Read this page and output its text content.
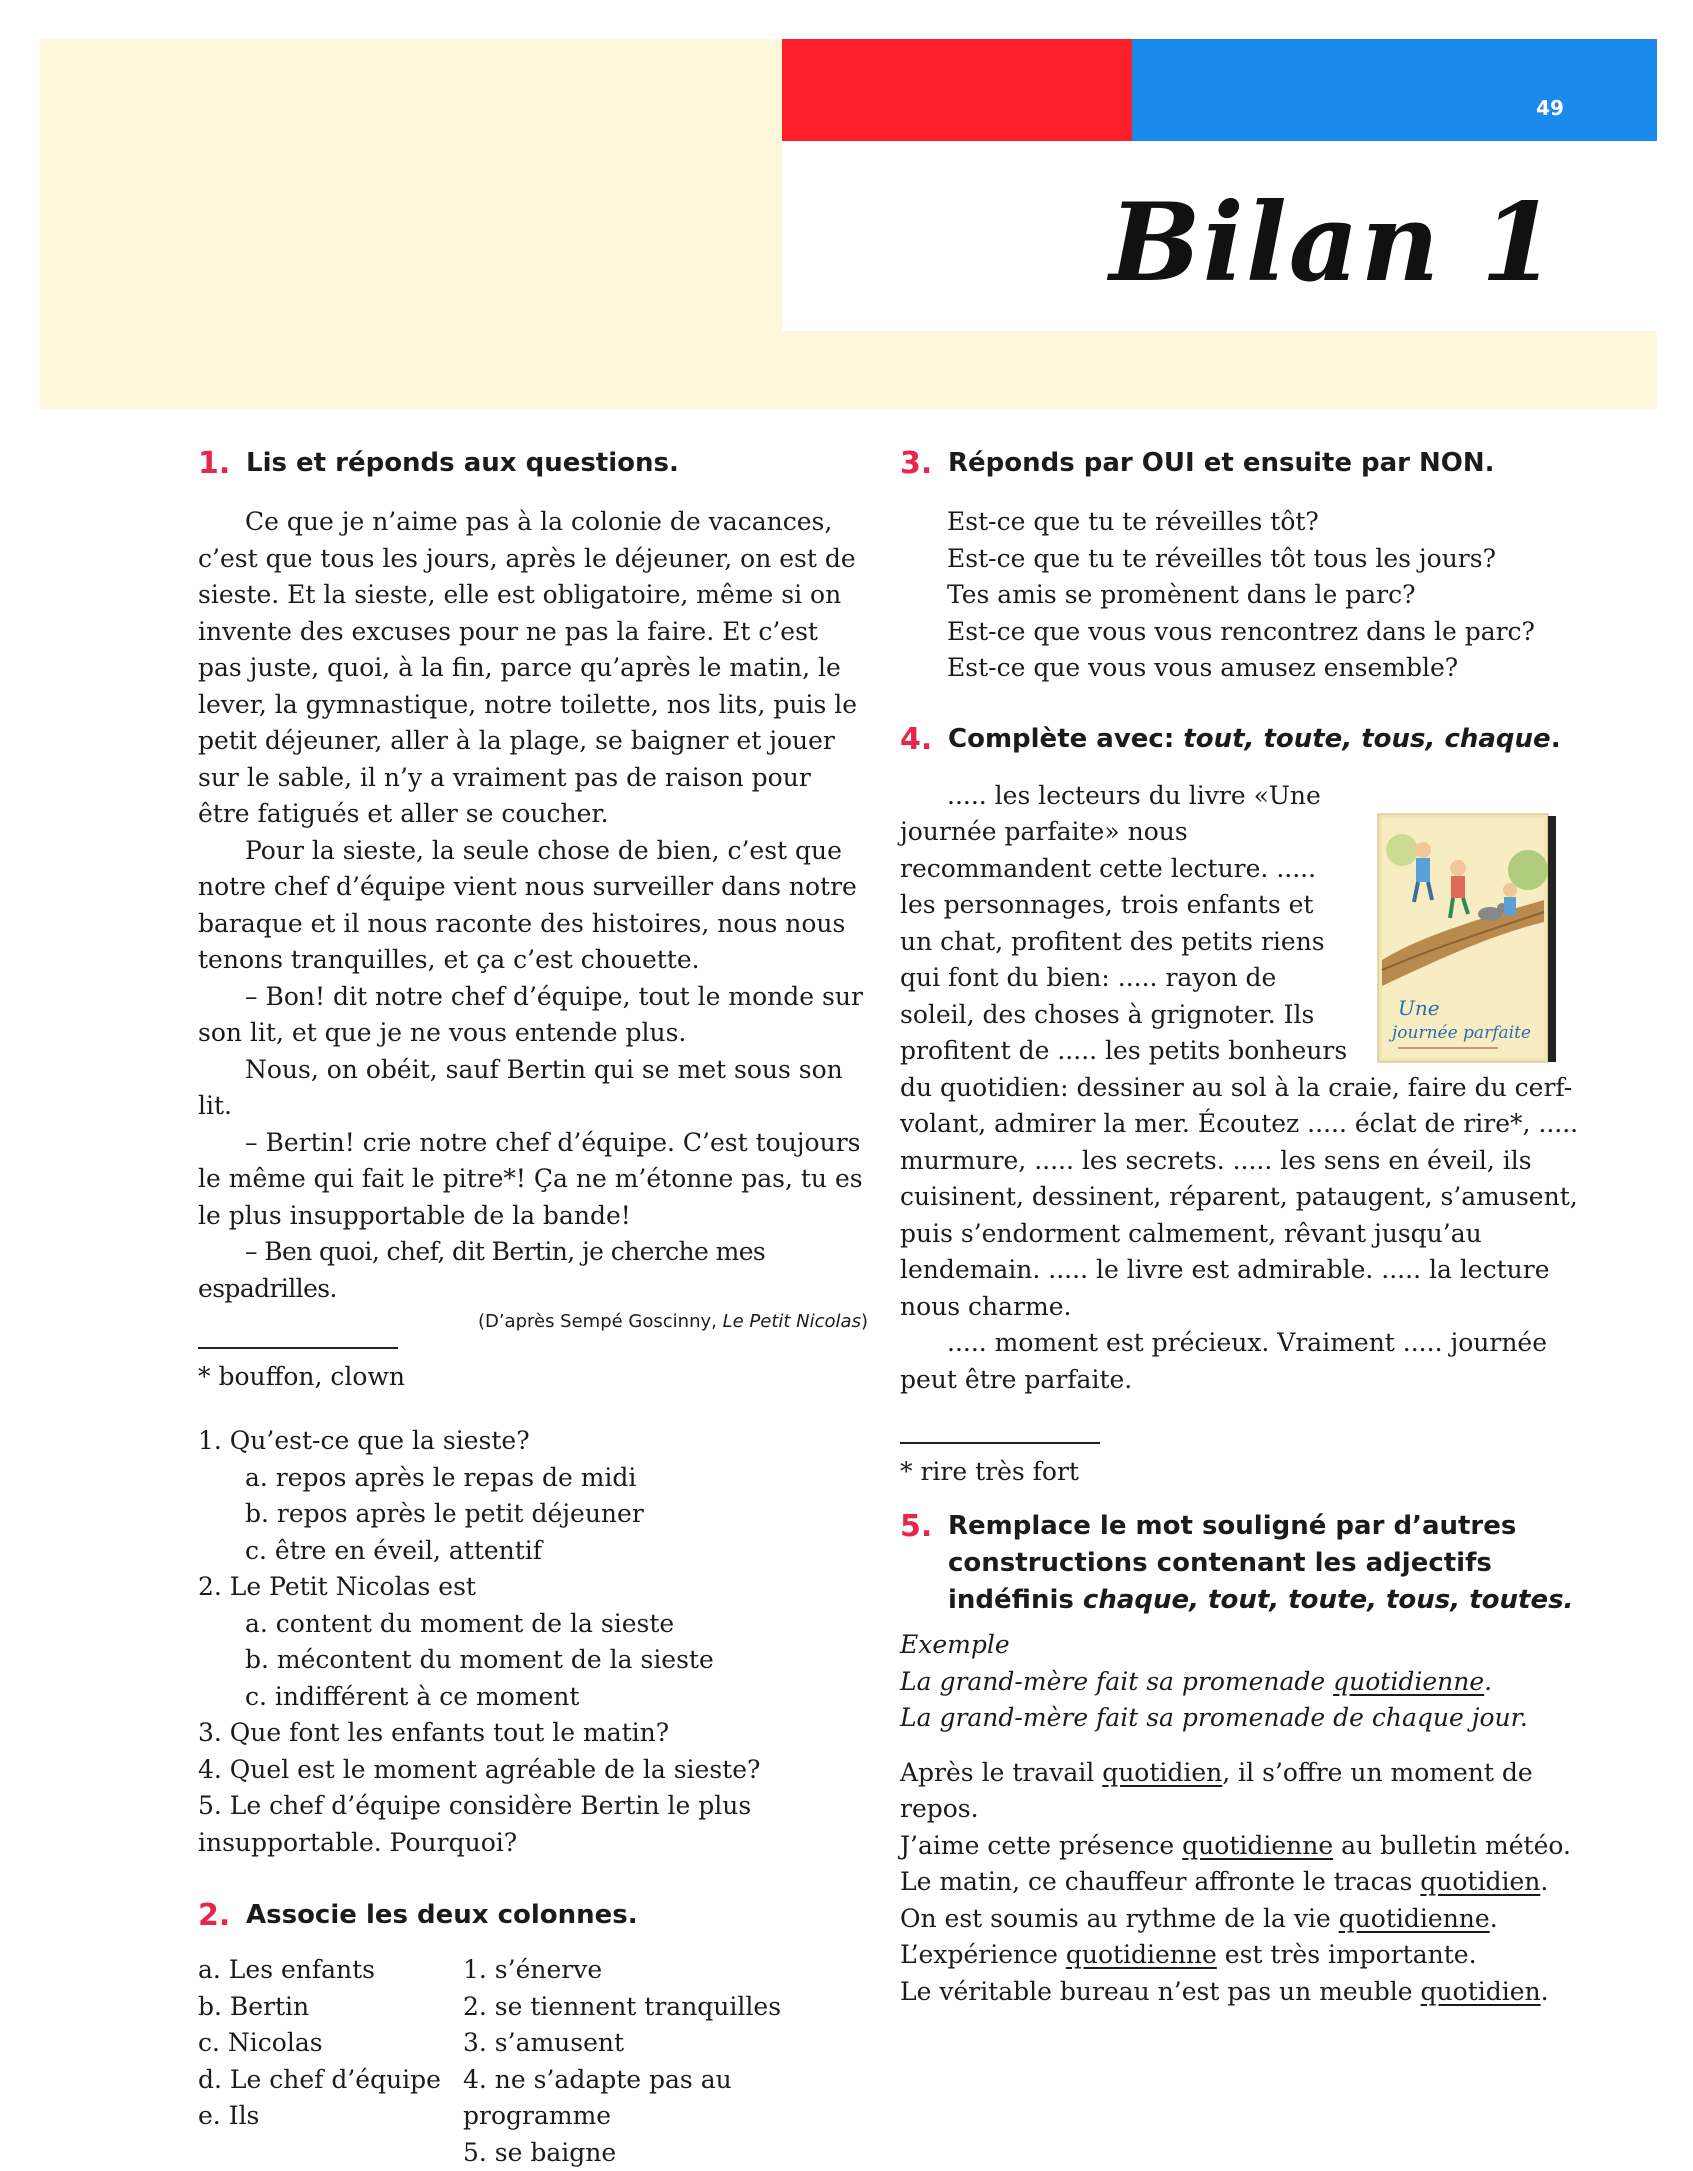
49
Bilan 1
1. Lis et réponds aux questions.

Ce que je n’aime pas à la colonie de vacances, c’est que tous les jours, après le déjeuner, on est de sieste. Et la sieste, elle est obligatoire, même si on invente des excuses pour ne pas la faire. Et c’est pas juste, quoi, à la fin, parce qu’après le matin, le lever, la gymnastique, notre toilette, nos lits, puis le petit déjeuner, aller à la plage, se baigner et jouer sur le sable, il n’y a vraiment pas de raison pour être fatigués et aller se coucher.

Pour la sieste, la seule chose de bien, c’est que notre chef d’équipe vient nous surveiller dans notre baraque et il nous raconte des histoires, nous nous tenons tranquilles, et ça c’est chouette.

– Bon! dit notre chef d’équipe, tout le monde sur son lit, et que je ne vous entende plus.

Nous, on obéit, sauf Bertin qui se met sous son lit.

– Bertin! crie notre chef d’équipe. C’est toujours le même qui fait le pitre*! Ça ne m’étonne pas, tu es le plus insupportable de la bande!

– Ben quoi, chef, dit Bertin, je cherche mes espadrilles.

(D’après Sempé Goscinny, Le Petit Nicolas)
* bouffon, clown
1. Qu’est-ce que la sieste?
a. repos après le repas de midi
b. repos après le petit déjeuner
c. être en éveil, attentif
2. Le Petit Nicolas est
a. content du moment de la sieste
b. mécontent du moment de la sieste
c. indifférent à ce moment
3. Que font les enfants tout le matin?
4. Quel est le moment agréable de la sieste?
5. Le chef d’équipe considère Bertin le plus insupportable. Pourquoi?
2. Associe les deux colonnes.
a. Les enfants
b. Bertin
c. Nicolas
d. Le chef d’équipe
e. Ils
1. s’énerve
2. se tiennent tranquilles
3. s’amusent
4. ne s’adapte pas au programme
5. se baigne
3. Réponds par OUI et ensuite par NON.
Est-ce que tu te réveilles tôt?
Est-ce que tu te réveilles tôt tous les jours?
Tes amis se promènent dans le parc?
Est-ce que vous vous rencontrez dans le parc?
Est-ce que vous vous amusez ensemble?
4. Complète avec: tout, toute, tous, chaque.

..... les lecteurs du livre «Une journée parfaite» nous recommandent cette lecture. ..... les personnages, trois enfants et un chat, profitent des petits riens qui font du bien: ..... rayon de soleil, des choses à grignoter. Ils profitent de ..... les petits bonheurs du quotidien: dessiner au sol à la craie, faire du cerf-volant, admirer la mer. Écoutez ..... éclat de rire*, ..... murmure, ..... les secrets. ..... les sens en éveil, ils cuisinent, dessinent, réparent, pataugent, s’amusent, puis s’endorment calmement, rêvant jusqu’au lendemain. ..... le livre est admirable. ..... la lecture nous charme.

..... moment est précieux. Vraiment ..... journée peut être parfaite.

* rire très fort
5. Remplace le mot souligné par d’autres constructions contenant les adjectifs indéfinis chaque, tout, toute, tous, toutes.
Exemple
La grand-mère fait sa promenade quotidienne.
La grand-mère fait sa promenade de chaque jour.
Après le travail quotidien, il s’offre un moment de repos.
J’aime cette présence quotidienne au bulletin météo.
Le matin, ce chauffeur affronte le tracas quotidien.
On est soumis au rythme de la vie quotidienne.
L’expérience quotidienne est très importante.
Le véritable bureau n’est pas un meuble quotidien.
Une
journée parfaite
